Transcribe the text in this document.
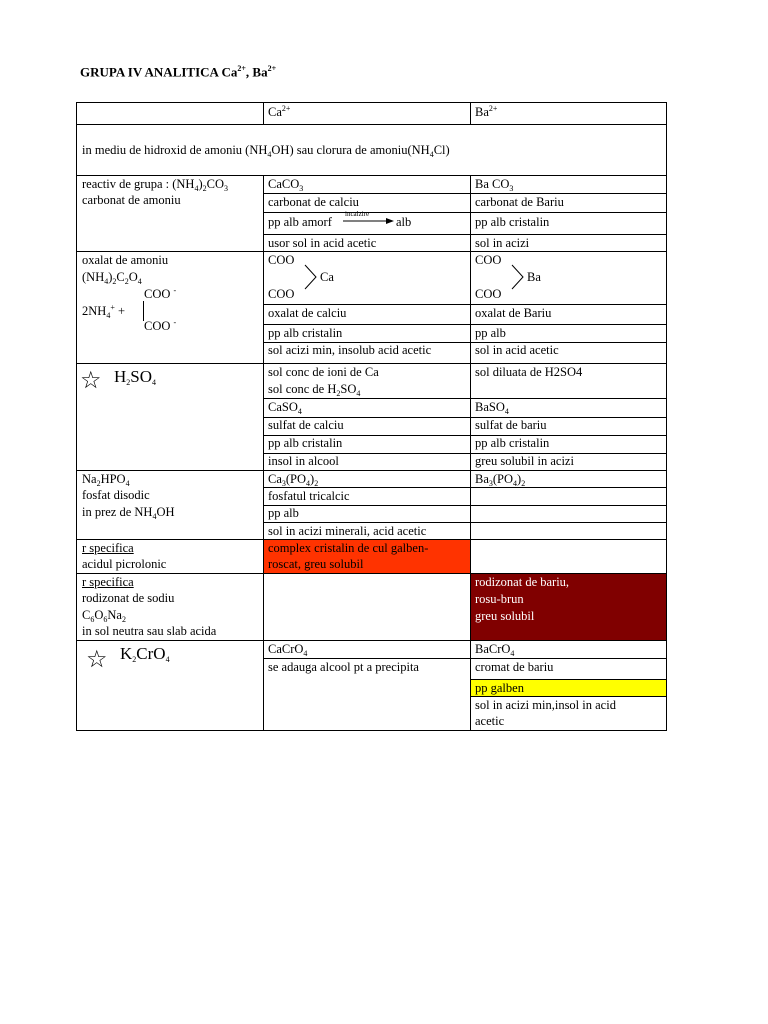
GRUPA IV ANALITICA $Ca^{2+}$, $Ba^{2+}$
$Ca^{2+}$	$Ba^{2+}$
in mediu de hidroxid de amoniu $(NH_4OH)$ sau clorura de $amoniu(NH_4Cl)$
reactiv de grupa : $(NH_4)_2CO_3$
carbonat de amoniu
CaCO$_3$
carbonat de calciu
pp alb amorf
incalzire
alb
usor sol in acid acetic
Ba $CO_3$
carbonat de Bariu
pp alb cristalin
sol in acizi
oxalat de amoniu
$(NH_4)_2C_2O_4$
COO -
$2NH_4^+$ +
COO -
COO
Ca
COO
oxalat de calciu
pp alb cristalin
sol acizi min, insolub acid acetic
COO
Ba
COO
oxalat de Bariu
pp alb
sol in acid acetic
☆ $H_2SO_4$
sol conc de ioni de Ca
sol conc de $H_2SO_4$
CaSO$_4$
sulfat de calciu
pp alb cristalin
insol in alcool
sol diluata de H2SO4
BaSO$_4$
sulfat de bariu
pp alb cristalin
greu solubil in acizi
$Na_2HPO_4$
fosfat disodic
in prez de $NH_4OH$
$Ca_3(PO_4)_2$
fosfatul tricalcic
pp alb
sol in acizi minerali, acid acetic
$Ba_3(PO_4)_2$
r specifica
acidul picrolonic
complex cristalin de cul galben-
roscat, greu solubil
r specifica
rodizonat de sodiu
$C_6O_6Na_2$
in sol neutra sau slab acida
rodizonat de bariu,
rosu-brun
greu solubil
☆ $K_2CrO_4$
CaCrO$_4$
se adauga alcool pt a precipita
BaCrO$_4$
cromat de bariu
pp galben
sol in acizi min,insol in acid
acetic
